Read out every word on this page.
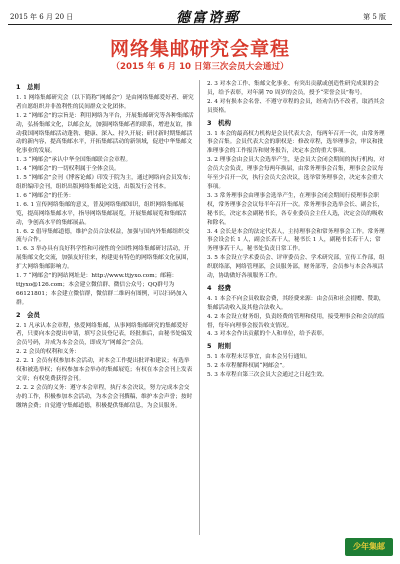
2015 年 6 月 20 日	德富谘郵	第 5 版
网络集邮研究会章程
（2015 年 6 月 10 日第三次会员大会通过）

1　总则

1. 1 网络集邮研究会（以下简称“网邮会”）是由网络集邮爱好者、研究者自愿组织并非盈利性的民间群众文化团体。

1. 2 “网邮会”的宗旨是：利用网络为平台，开展集邮研究等各种集邮活动，弘扬集邮文化，以邮会友，加强网络集邮者的联系，增进友谊，推动我国网络集邮活动蓬勃、健康、深入、持久开展；研讨新时期集邮活动的新内容，提高集邮水平，开拓集邮活动的新领域，促进中华集邮文化事业的发展。

1. 3 “网邮会”承认中华全国集邮联合会章程。

1. 4 “网邮会”的一切权利属于全体会员。

1. 5 “网邮会”会刊《博客论邮》印发于院为主，通过网络向会员发布；组织编印会刊，组织出版网络集邮论文选，出版发行会刊本。

1. 6 “网邮会”的任务：

1. 6. 1 宣传网络集邮的意义，普及网络集邮知识，组织网络集邮展览，提高网络集邮水平，指导网络集邮展览，开展集邮展览和集邮活动，争创高水平的集邮展品。

1. 6. 2 倡导集邮道德，维护会员合法权益，加强与国内外集邮组织交流与合作。

1. 6. 3 举办具有良好科学性和可视性的全国性网络集邮研讨活动，开展集邮文化交流，加强友好往来，构建更有特色的网络集邮文化氛围，扩大网络集邮影响力。

1. 7 “网邮会”的网站网址是：http://www.ttjyxo.com；邮箱：ttjyxo@126.com；本会建立微信群、微信公众号；QQ群号为 66121801；本会建立微信群，微信群二维码有图例，可以扫码加入群。

2　会员

2. 1 凡承认本会章程，热爱网络集邮，从事网络集邮研究的集邮爱好者，只要向本会提出申请，填写会员登记表，经批准后，由秘书处编发会员号码，并成为本会会员，即成为“网邮会”会员。

2. 2 会员的权利和义务：

2. 2. 1 会员有权参加本会活动，对本会工作提出批评和建议；有选举权和被选举权；有权参加本会举办的集邮展览；有权在本会会刊上发表文章；有权免费获得会刊。

2. 2. 2 会员的义务：遵守本会章程，执行本会决议，努力完成本会交办的工作，积极参加本会活动，为本会会刊撰稿，维护本会声誉；按时缴纳会费；自觉遵守集邮道德，积极提供集邮信息，为会员服务。

2. 3 对本会工作、集邮文化事业、有突出贡献或创造性研究成果的会员，给予表彰，对年满 70 周岁的会员，授予“荣誉会员”称号。

2. 4 对有损本会名誉、不遵守章程的会员，经劝告仍不改者，取消其会员资格。

3　机构

3. 1 本会的最高权力机构是会员代表大会，每两年召开一次，由常务理事会召集。会员代表大会的职权是：修改章程，选举理事会，审议和批准理事会的工作报告和财务报告，决定本会的重大事项。

3. 2 理事会由会员大会选举产生，是会员大会闭会期间的执行机构，对会员大会负责，理事会每两年换届，由常务理事会召集，理事会会议每年至少召开一次，执行会员大会决议，选举常务理事会，决定本会重大事项。

3. 3 常务理事会由理事会选举产生，在理事会闭会期间行使理事会职权，常务理事会会议每半年召开一次。常务理事会选举会长、副会长，秘书长，决定本会副秘书长，各专业委员会主任人选，决定会员的吸收和除名。

3. 4 会长是本会的法定代表人，主持理事会和常务理事会工作。常务理事会设会长 1 人，副会长若干人，秘书长 1 人，副秘书长若干人；常务理事若干人。秘书处负责日常工作。

3. 5 本会设立学术委员会、评审委员会、学术研究部，宣传工作部，组织联络部，网络管理部，会员服务部，财务部等，会员参与本会各项活动，协助做好各项服务工作。

4　经费

4. 1 本会不向会员收取会费，其经费来源：由会员和社会捐赠、赞助，集邮活动收入及其他合法收入。

4. 2 本会设立财务组，负责经费的管理和使用，接受理事会和会员的监督，每年向理事会报告收支情况。

4. 3 对本会作出贡献的个人和单位，给予表彰。

5　附则

5. 1 本章程未尽事宜，由本会另行通知。

5. 2 本章程解释权属“网邮会”。

5. 3 本章程自第三次会员大会通过之日起生效。

少年集邮
